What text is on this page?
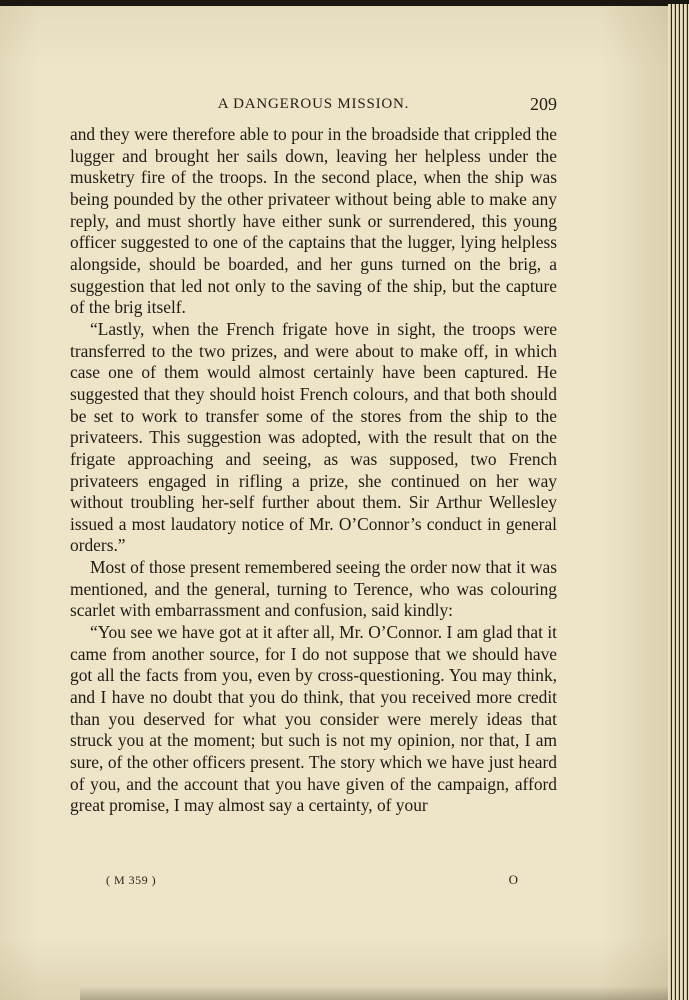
A DANGEROUS MISSION.	209

and they were therefore able to pour in the broadside that crippled the lugger and brought her sails down, leaving her helpless under the musketry fire of the troops. In the second place, when the ship was being pounded by the other privateer without being able to make any reply, and must shortly have either sunk or surrendered, this young officer suggested to one of the captains that the lugger, lying helpless alongside, should be boarded, and her guns turned on the brig, a suggestion that led not only to the saving of the ship, but the capture of the brig itself.

“Lastly, when the French frigate hove in sight, the troops were transferred to the two prizes, and were about to make off, in which case one of them would almost certainly have been captured. He suggested that they should hoist French colours, and that both should be set to work to transfer some of the stores from the ship to the privateers. This suggestion was adopted, with the result that on the frigate approaching and seeing, as was supposed, two French privateers engaged in rifling a prize, she continued on her way without troubling her-self further about them. Sir Arthur Wellesley issued a most laudatory notice of Mr. O’Connor’s conduct in general orders.”

Most of those present remembered seeing the order now that it was mentioned, and the general, turning to Terence, who was colouring scarlet with embarrassment and confusion, said kindly:

“You see we have got at it after all, Mr. O’Connor. I am glad that it came from another source, for I do not suppose that we should have got all the facts from you, even by cross-questioning. You may think, and I have no doubt that you do think, that you received more credit than you deserved for what you consider were merely ideas that struck you at the moment; but such is not my opinion, nor that, I am sure, of the other officers present. The story which we have just heard of you, and the account that you have given of the campaign, afford great promise, I may almost say a certainty, of your

( M 359 )	O
